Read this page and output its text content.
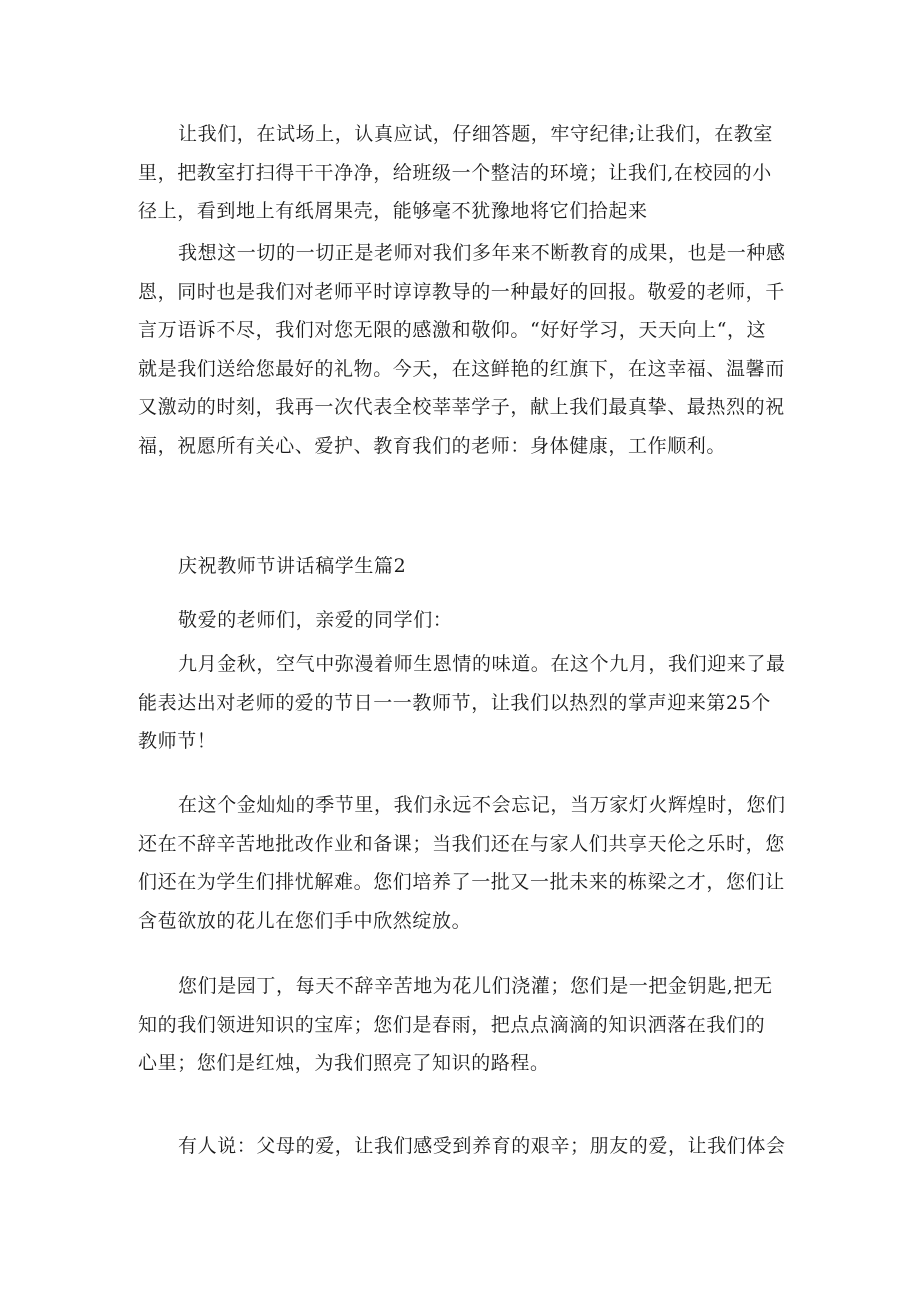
让我们，在试场上，认真应试，仔细答题，牢守纪律;让我们，在教室
里，把教室打扫得干干净净，给班级一个整洁的环境；让我们,在校园的小
径上，看到地上有纸屑果壳，能够毫不犹豫地将它们拾起来

我想这一切的一切正是老师对我们多年来不断教育的成果，也是一种感
恩，同时也是我们对老师平时谆谆教导的一种最好的回报。敬爱的老师，千
言万语诉不尽，我们对您无限的感激和敬仰。“好好学习，天天向上“，这
就是我们送给您最好的礼物。今天，在这鲜艳的红旗下，在这幸福、温馨而
又激动的时刻，我再一次代表全校莘莘学子，献上我们最真挚、最热烈的祝
福，祝愿所有关心、爱护、教育我们的老师：身体健康，工作顺利。

庆祝教师节讲话稿学生篇2

敬爱的老师们，亲爱的同学们：

九月金秋，空气中弥漫着师生恩情的味道。在这个九月，我们迎来了最
能表达出对老师的爱的节日一一教师节，让我们以热烈的掌声迎来第25个
教师节！

在这个金灿灿的季节里，我们永远不会忘记，当万家灯火辉煌时，您们
还在不辞辛苦地批改作业和备课；当我们还在与家人们共享天伦之乐时，您
们还在为学生们排忧解难。您们培养了一批又一批未来的栋梁之才，您们让
含苞欲放的花儿在您们手中欣然绽放。

您们是园丁，每天不辞辛苦地为花儿们浇灌；您们是一把金钥匙,把无
知的我们领进知识的宝库；您们是春雨，把点点滴滴的知识洒落在我们的
心里；您们是红烛，为我们照亮了知识的路程。

有人说：父母的爱，让我们感受到养育的艰辛；朋友的爱，让我们体会
